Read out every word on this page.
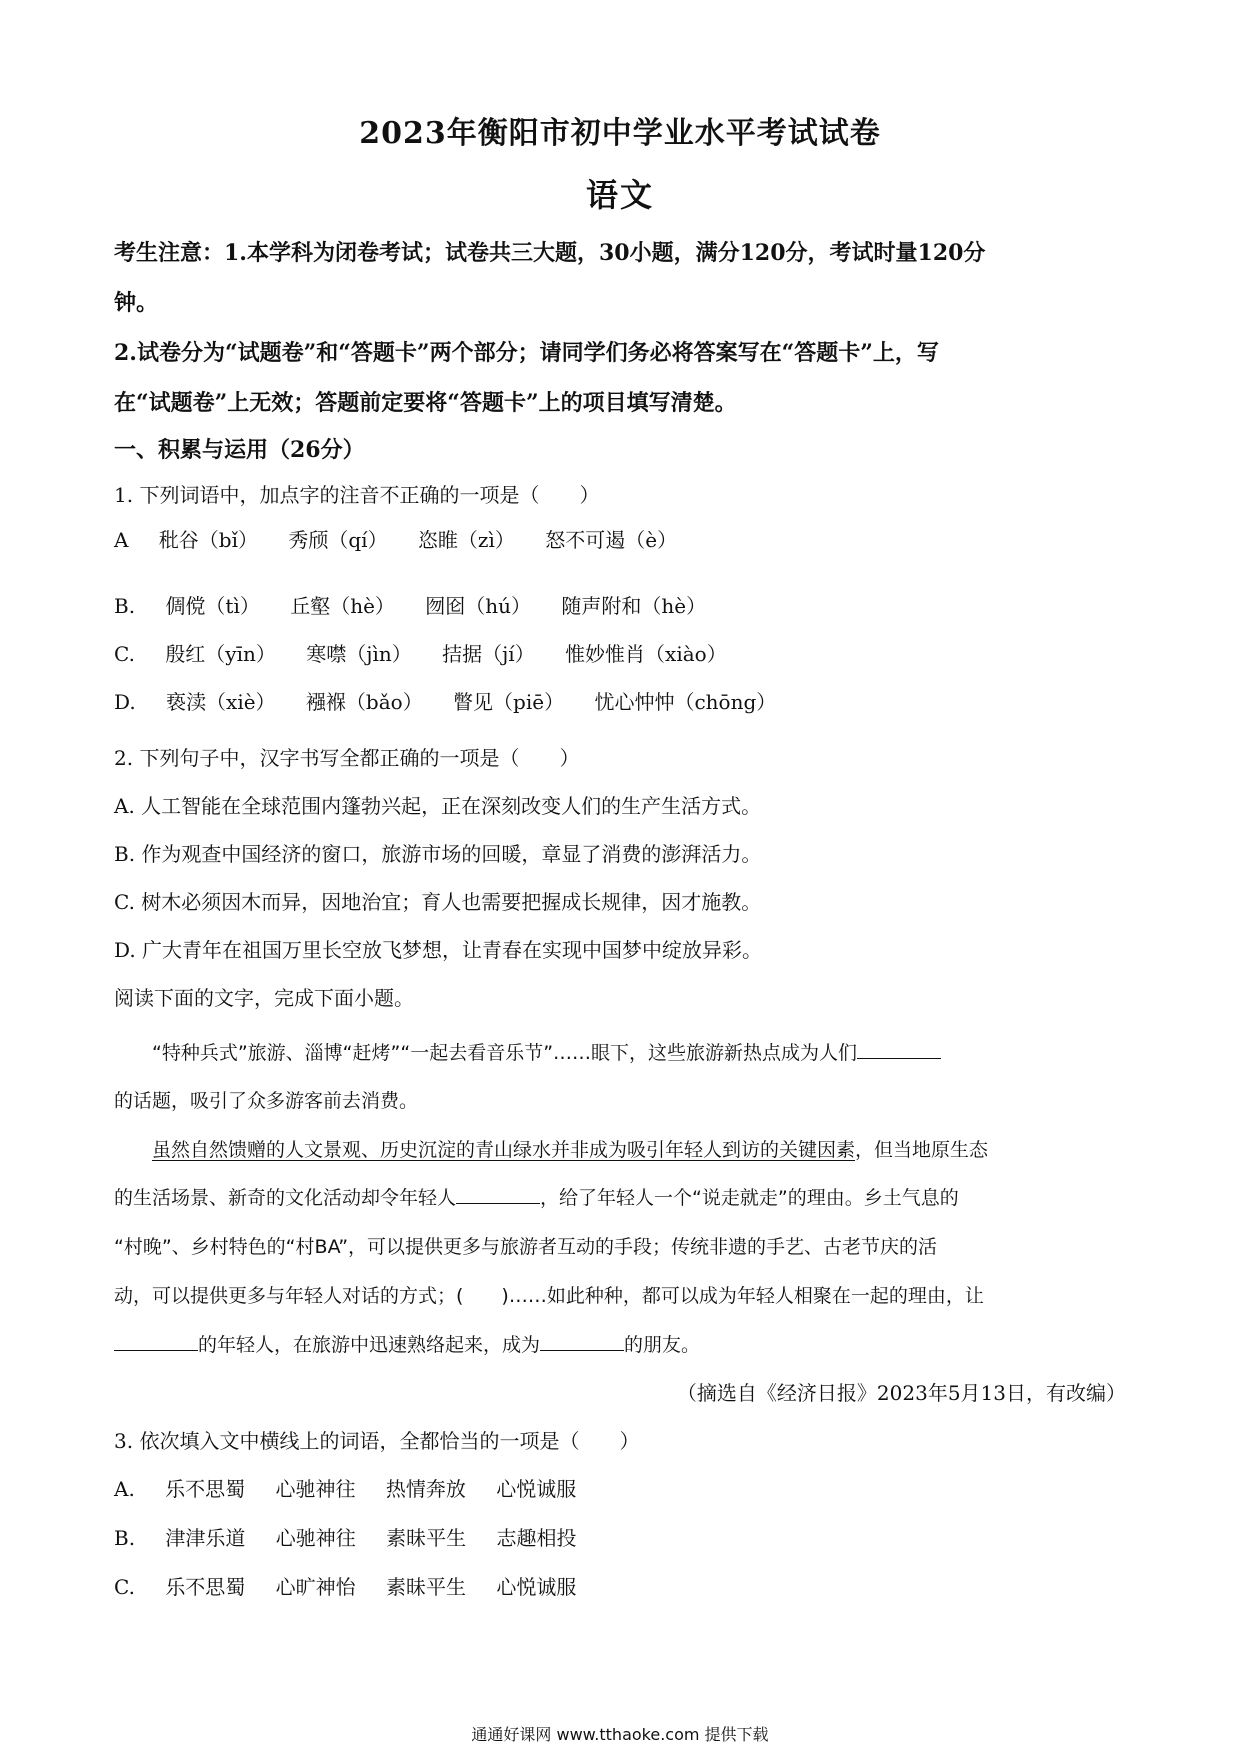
2023年衡阳市初中学业水平考试试卷
语文
考生注意：1.本学科为闭卷考试；试卷共三大题，30小题，满分120分，考试时量120分
钟。
2.试卷分为“试题卷”和“答题卡”两个部分；请同学们务必将答案写在“答题卡”上，写
在“试题卷”上无效；答题前定要将“答题卡”上的项目填写清楚。
一、积累与运用（26分）
1. 下列词语中，加点字的注音不正确的一项是（　　）
A 秕谷（bǐ） 秀颀（qí） 恣睢（zì） 怒不可遏（è）
B. 倜傥（tì） 丘壑（hè） 囫囵（hú） 随声附和（hè）
C. 殷红（yīn） 寒噤（jìn） 拮据（jí） 惟妙惟肖（xiào）
D. 亵渎（xiè） 襁褓（bǎo） 瞥见（piē） 忧心忡忡（chōng）
2. 下列句子中，汉字书写全都正确的一项是（　　）
A. 人工智能在全球范围内篷勃兴起，正在深刻改变人们的生产生活方式。
B. 作为观查中国经济的窗口，旅游市场的回暖，章显了消费的澎湃活力。
C. 树木必须因木而异，因地治宜；育人也需要把握成长规律，因才施教。
D. 广大青年在祖国万里长空放飞梦想，让青春在实现中国梦中绽放异彩。
阅读下面的文字，完成下面小题。
“特种兵式”旅游、淄博“赶烤”“一起去看音乐节”……眼下，这些旅游新热点成为人们
的话题，吸引了众多游客前去消费。
虽然自然馈赠的人文景观、历史沉淀的青山绿水并非成为吸引年轻人到访的关键因素，但当地原生态
的生活场景、新奇的文化活动却令年轻人	，给了年轻人一个“说走就走”的理由。乡土气息的
“村晚”、乡村特色的“村BA”，可以提供更多与旅游者互动的手段；传统非遗的手艺、古老节庆的活
动，可以提供更多与年轻人对话的方式；(　　)……如此种种，都可以成为年轻人相聚在一起的理由，让
的年轻人，在旅游中迅速熟络起来，成为	的朋友。
（摘选自《经济日报》2023年5月13日，有改编）
3. 依次填入文中横线上的词语，全都恰当的一项是（　　）
A. 乐不思蜀 心驰神往 热情奔放 心悦诚服
B. 津津乐道 心驰神往 素昧平生 志趣相投
C. 乐不思蜀 心旷神怡 素昧平生 心悦诚服
通通好课网 www.tthaoke.com 提供下载
